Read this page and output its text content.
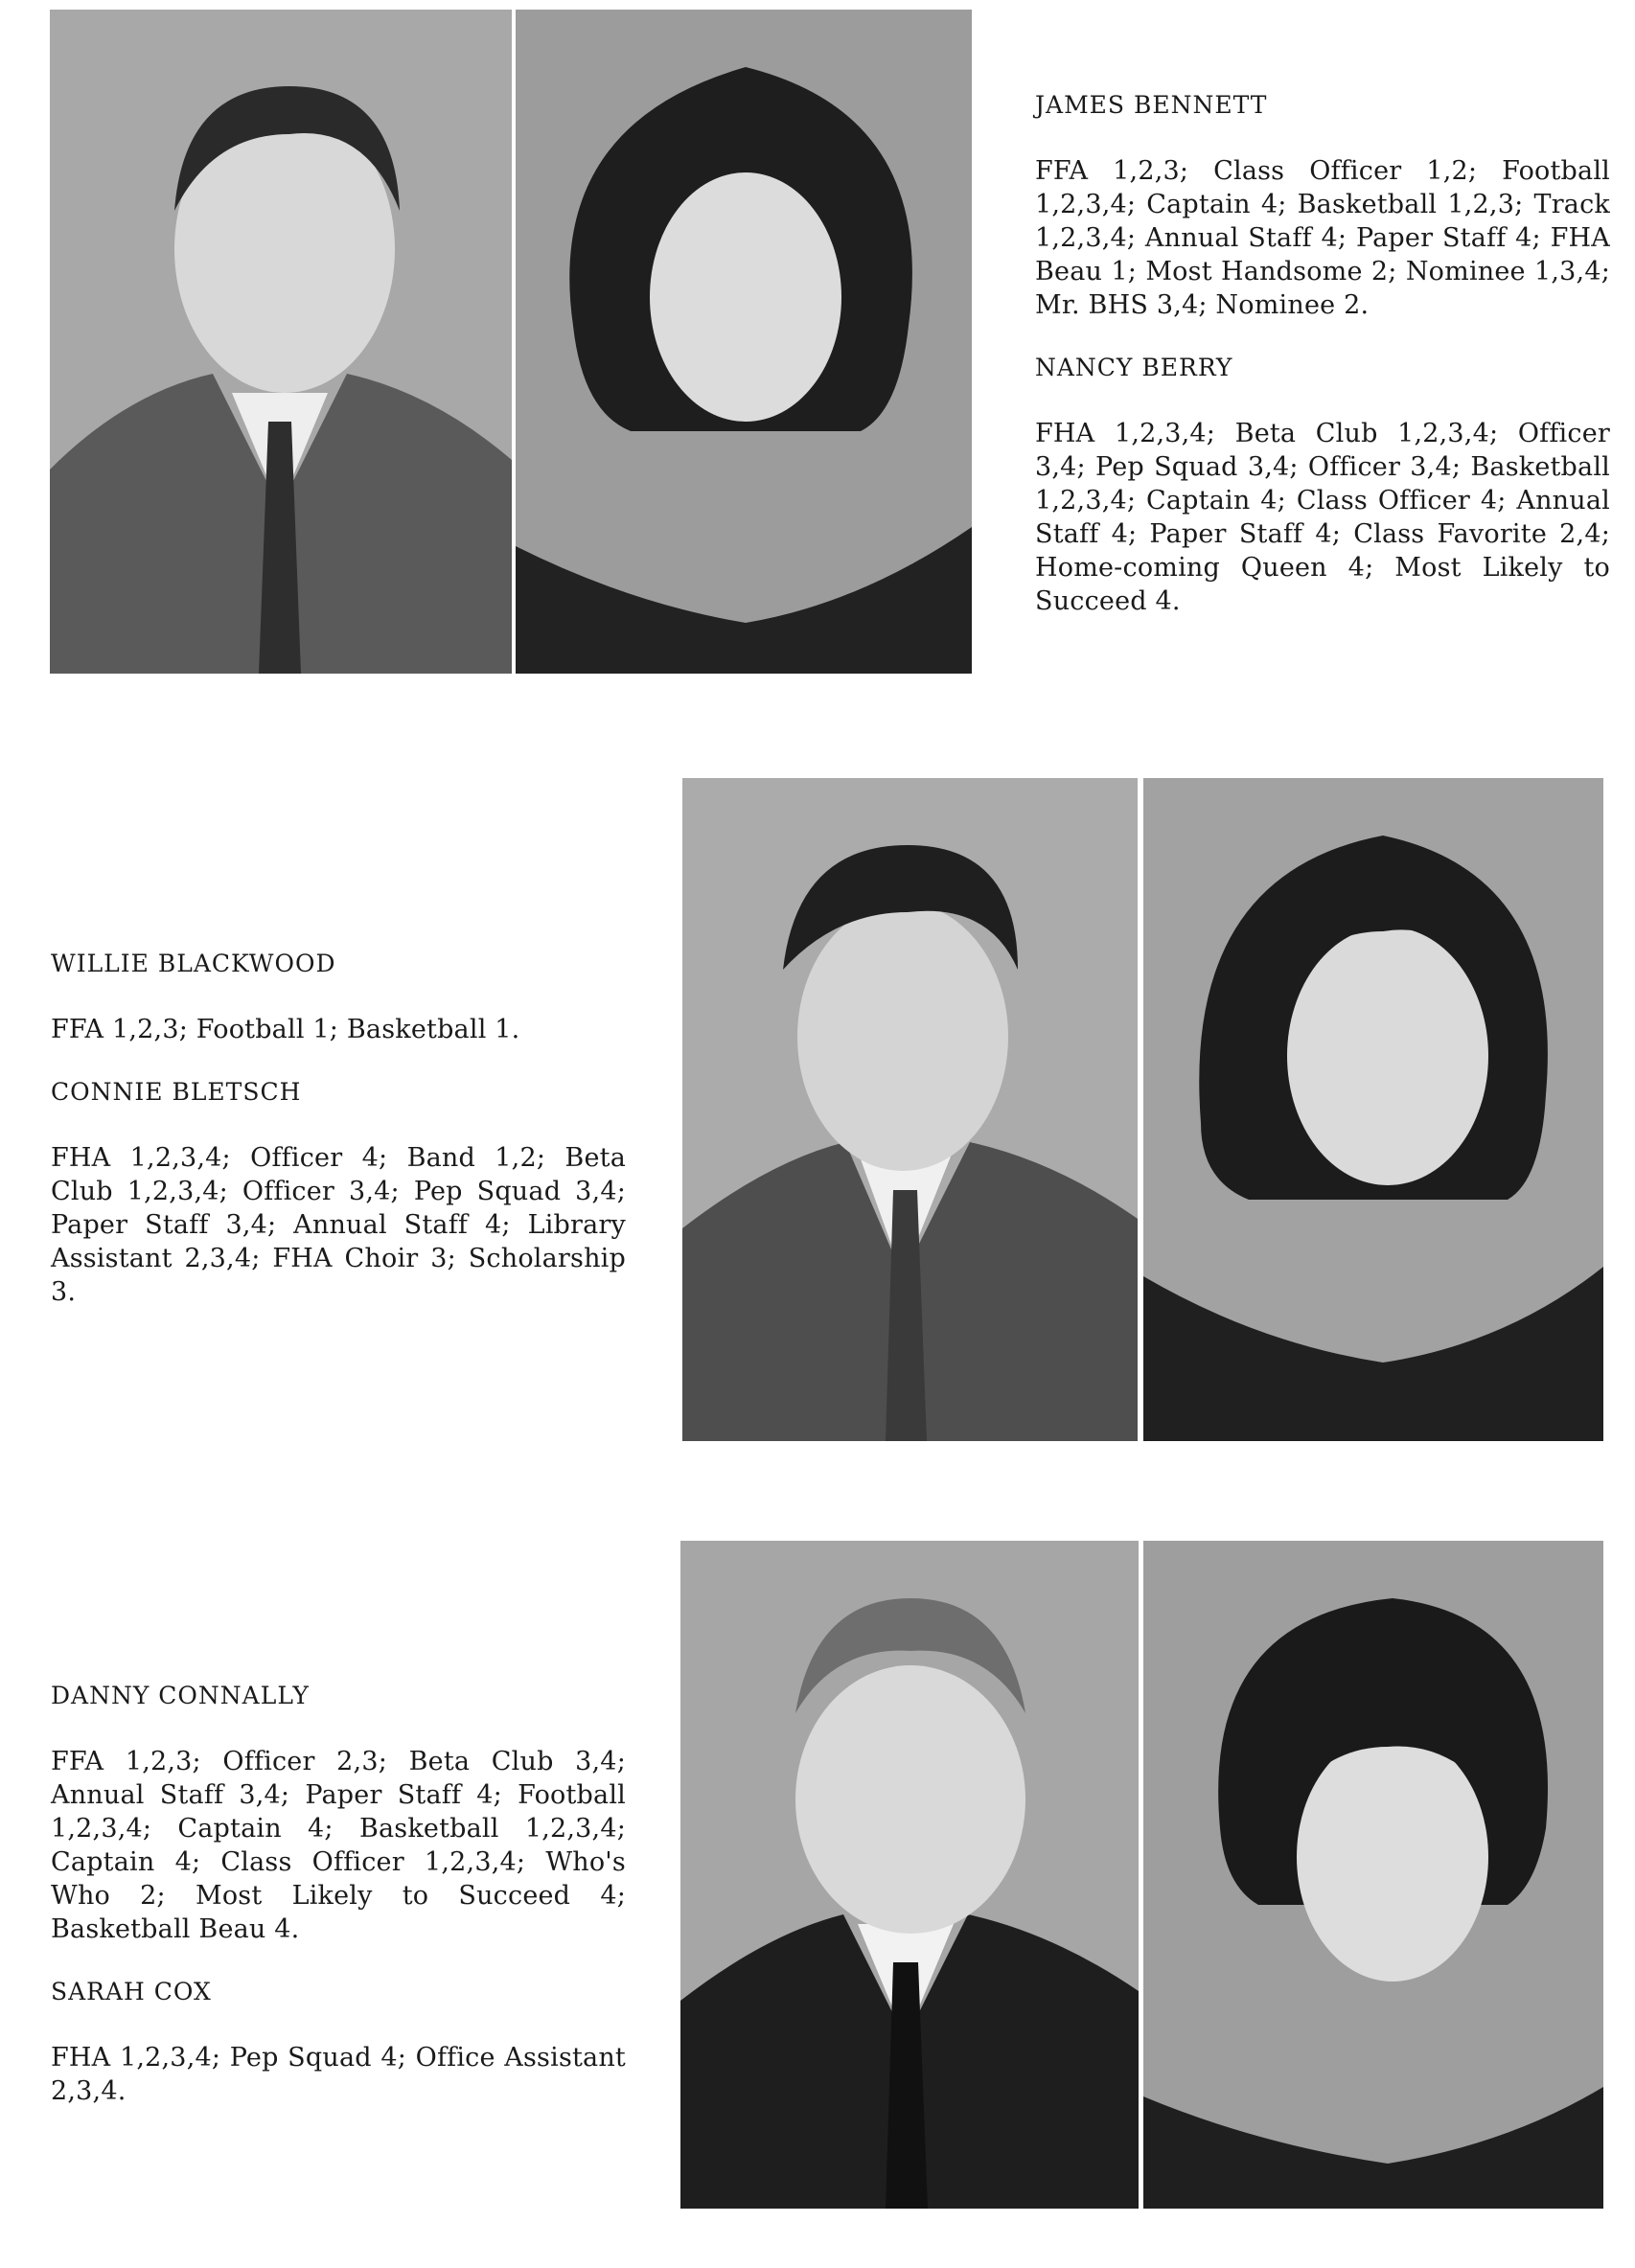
JAMES BENNETT

FFA 1,2,3; Class Officer 1,2; Football 1,2,3,4; Captain 4; Basketball 1,2,3; Track 1,2,3,4; Annual Staff 4; Paper Staff 4; FHA Beau 1; Most Handsome 2; Nominee 1,3,4; Mr. BHS 3,4; Nominee 2.

NANCY BERRY

FHA 1,2,3,4; Beta Club 1,2,3,4; Officer 3,4; Pep Squad 3,4; Officer 3,4; Basketball 1,2,3,4; Captain 4; Class Officer 4; Annual Staff 4; Paper Staff 4; Class Favorite 2,4; Home-coming Queen 4; Most Likely to Succeed 4.

WILLIE BLACKWOOD

FFA 1,2,3; Football 1; Basketball 1.

CONNIE BLETSCH

FHA 1,2,3,4; Officer 4; Band 1,2; Beta Club 1,2,3,4; Officer 3,4; Pep Squad 3,4; Paper Staff 3,4; Annual Staff 4; Library Assistant 2,3,4; FHA Choir 3; Scholarship 3.

DANNY CONNALLY

FFA 1,2,3; Officer 2,3; Beta Club 3,4; Annual Staff 3,4; Paper Staff 4; Football 1,2,3,4; Captain 4; Basketball 1,2,3,4; Captain 4; Class Officer 1,2,3,4; Who's Who 2; Most Likely to Succeed 4; Basketball Beau 4.

SARAH COX

FHA 1,2,3,4; Pep Squad 4; Office Assistant 2,3,4.
